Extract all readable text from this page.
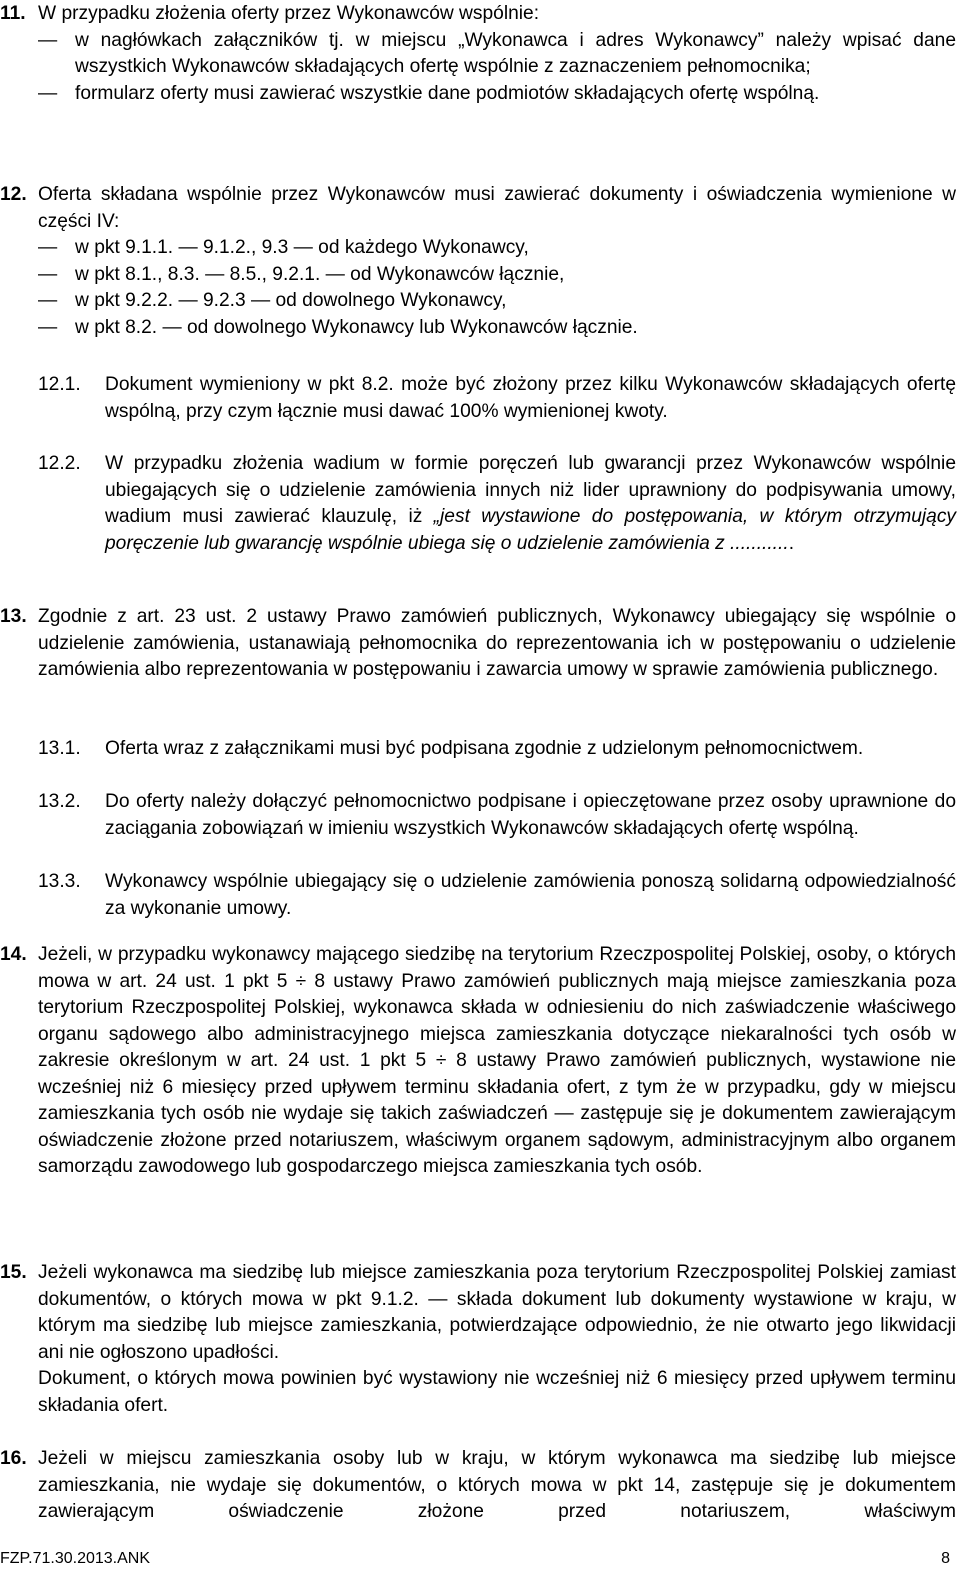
11. W przypadku złożenia oferty przez Wykonawców wspólnie:
—
w nagłówkach załączników tj. w miejscu „Wykonawca i adres Wykonawcy” należy wpisać dane wszystkich Wykonawców składających ofertę wspólnie z zaznaczeniem pełnomocnika;
—
formularz oferty musi zawierać wszystkie dane podmiotów składających ofertę wspólną.
12. Oferta składana wspólnie przez Wykonawców musi zawierać dokumenty i oświadczenia wymienione w części IV:
—
w pkt 9.1.1. — 9.1.2., 9.3 — od każdego Wykonawcy,
—
w pkt 8.1., 8.3. — 8.5., 9.2.1. — od Wykonawców łącznie,
—
w pkt 9.2.2. — 9.2.3 — od dowolnego Wykonawcy,
—
w pkt 8.2. — od dowolnego Wykonawcy lub Wykonawców łącznie.
12.1. Dokument wymieniony w pkt 8.2. może być złożony przez kilku Wykonawców składających ofertę wspólną, przy czym łącznie musi dawać 100% wymienionej kwoty.
12.2. W przypadku złożenia wadium w formie poręczeń lub gwarancji przez Wykonawców wspólnie ubiegających się o udzielenie zamówienia innych niż lider uprawniony do podpisywania umowy, wadium musi zawierać klauzulę, iż „jest wystawione do postępowania, w którym otrzymujący poręczenie lub gwarancję wspólnie ubiega się o udzielenie zamówienia z ............
13. Zgodnie z art. 23 ust. 2 ustawy Prawo zamówień publicznych, Wykonawcy ubiegający się wspólnie o udzielenie zamówienia, ustanawiają pełnomocnika do reprezentowania ich w postępowaniu o udzielenie zamówienia albo reprezentowania w postępowaniu i zawarcia umowy w sprawie zamówienia publicznego.
13.1. Oferta wraz z załącznikami musi być podpisana zgodnie z udzielonym pełnomocnictwem.
13.2. Do oferty należy dołączyć pełnomocnictwo podpisane i opieczętowane przez osoby uprawnione do zaciągania zobowiązań w imieniu wszystkich Wykonawców składających ofertę wspólną.
13.3. Wykonawcy wspólnie ubiegający się o udzielenie zamówienia ponoszą solidarną odpowiedzialność za wykonanie umowy.
14. Jeżeli, w przypadku wykonawcy mającego siedzibę na terytorium Rzeczpospolitej Polskiej, osoby, o których mowa w art. 24 ust. 1 pkt 5 ÷ 8 ustawy Prawo zamówień publicznych mają miejsce zamieszkania poza terytorium Rzeczpospolitej Polskiej, wykonawca składa w odniesieniu do nich zaświadczenie właściwego organu sądowego albo administracyjnego miejsca zamieszkania dotyczące niekaralności tych osób w zakresie określonym w art. 24 ust. 1 pkt 5 ÷ 8 ustawy Prawo zamówień publicznych, wystawione nie wcześniej niż 6 miesięcy przed upływem terminu składania ofert, z tym że w przypadku, gdy w miejscu zamieszkania tych osób nie wydaje się takich zaświadczeń — zastępuje się je dokumentem zawierającym oświadczenie złożone przed notariuszem, właściwym organem sądowym, administracyjnym albo organem samorządu zawodowego lub gospodarczego miejsca zamieszkania tych osób.
15. Jeżeli wykonawca ma siedzibę lub miejsce zamieszkania poza terytorium Rzeczpospolitej Polskiej zamiast dokumentów, o których mowa w pkt 9.1.2. — składa dokument lub dokumenty wystawione w kraju, w którym ma siedzibę lub miejsce zamieszkania, potwierdzające odpowiednio, że nie otwarto jego likwidacji ani nie ogłoszono upadłości.
Dokument, o których mowa powinien być wystawiony nie wcześniej niż 6 miesięcy przed upływem terminu składania ofert.
16. Jeżeli w miejscu zamieszkania osoby lub w kraju, w którym wykonawca ma siedzibę lub miejsce zamieszkania, nie wydaje się dokumentów, o których mowa w pkt 14, zastępuje się je dokumentem zawierającym oświadczenie złożone przed notariuszem, właściwym
FZP.71.30.2013.ANK	8
